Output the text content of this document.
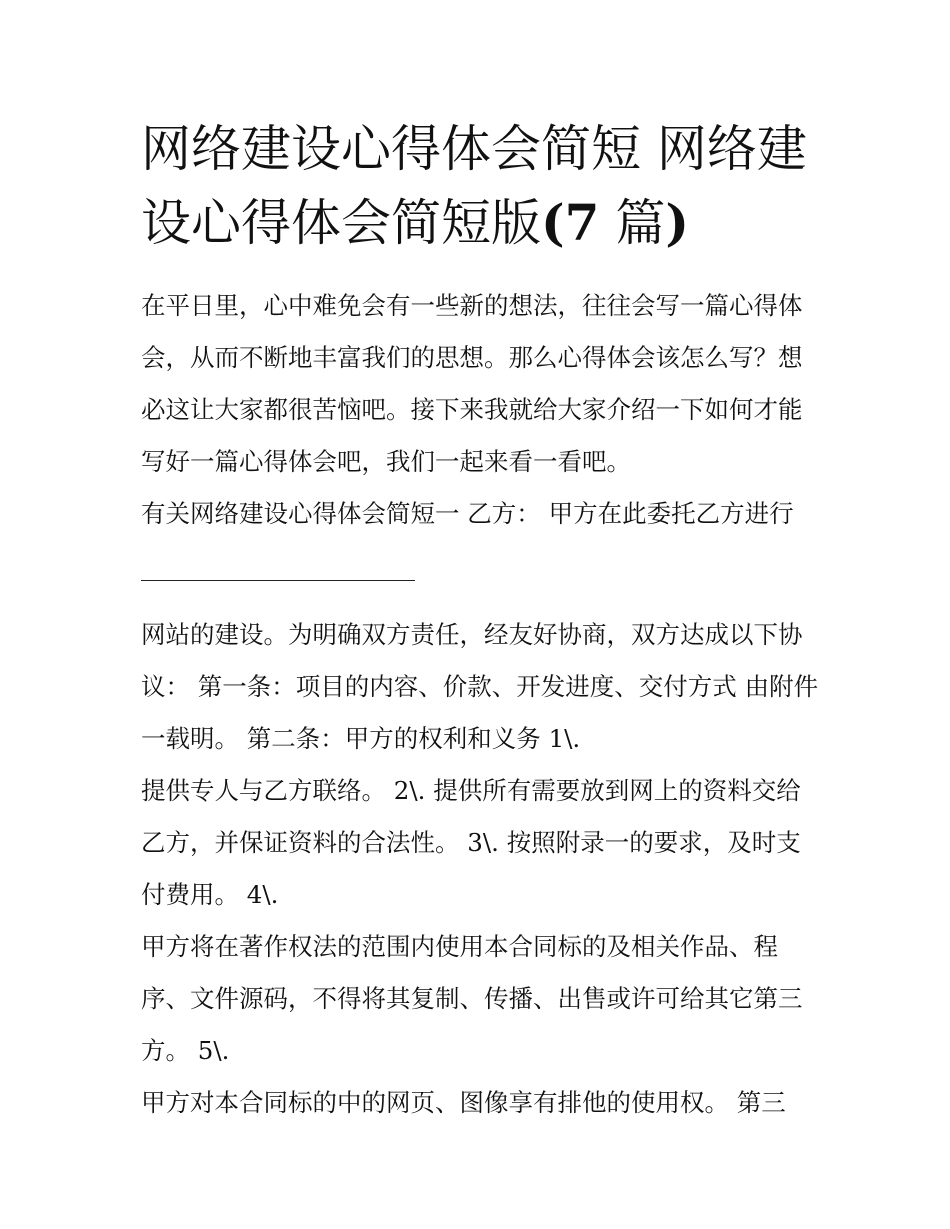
网络建设心得体会简短 网络建
设心得体会简短版(7 篇)

在平日里，心中难免会有一些新的想法，往往会写一篇心得体会，从而不断地丰富我们的思想。那么心得体会该怎么写？想必这让大家都很苦恼吧。接下来我就给大家介绍一下如何才能写好一篇心得体会吧，我们一起来看一看吧。

有关网络建设心得体会简短一 乙方： 甲方在此委托乙方进行

网站的建设。为明确双方责任，经友好协商，双方达成以下协议： 第一条：项目的内容、价款、开发进度、交付方式 由附件一载明。 第二条：甲方的权利和义务 1\.

提供专人与乙方联络。 2\. 提供所有需要放到网上的资料交给乙方，并保证资料的合法性。 3\. 按照附录一的要求，及时支付费用。 4\.

甲方将在著作权法的范围内使用本合同标的及相关作品、程序、文件源码，不得将其复制、传播、出售或许可给其它第三方。 5\.

甲方对本合同标的中的网页、图像享有排他的使用权。 第三
